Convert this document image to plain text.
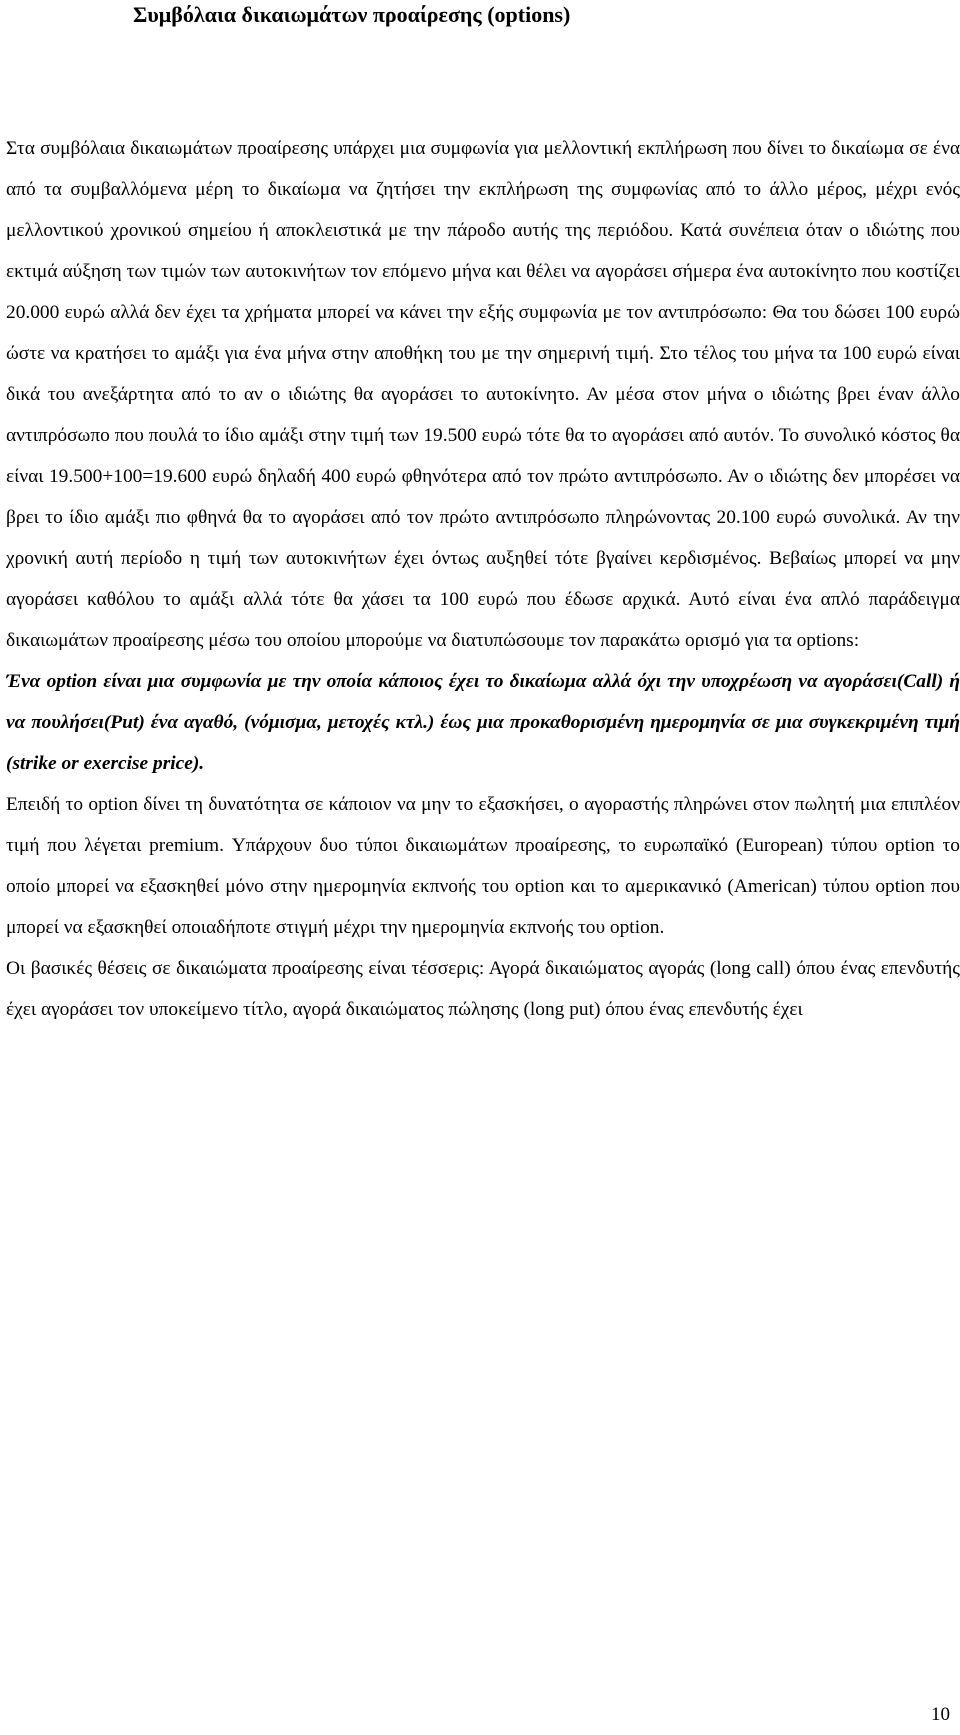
Συμβόλαια δικαιωμάτων προαίρεσης (options)

Στα συμβόλαια δικαιωμάτων προαίρεσης υπάρχει μια συμφωνία για μελλοντική εκπλήρωση που δίνει το δικαίωμα σε ένα από τα συμβαλλόμενα μέρη το δικαίωμα να ζητήσει την εκπλήρωση της συμφωνίας από το άλλο μέρος, μέχρι ενός μελλοντικού χρονικού σημείου ή αποκλειστικά με την πάροδο αυτής της περιόδου. Κατά συνέπεια όταν ο ιδιώτης που εκτιμά αύξηση των τιμών των αυτοκινήτων τον επόμενο μήνα και θέλει να αγοράσει σήμερα ένα αυτοκίνητο που κοστίζει 20.000 ευρώ αλλά δεν έχει τα χρήματα μπορεί να κάνει την εξής συμφωνία με τον αντιπρόσωπο: Θα του δώσει 100 ευρώ ώστε να κρατήσει το αμάξι για ένα μήνα στην αποθήκη του με την σημερινή τιμή. Στο τέλος του μήνα τα 100 ευρώ είναι δικά του ανεξάρτητα από το αν ο ιδιώτης θα αγοράσει το αυτοκίνητο. Αν μέσα στον μήνα ο ιδιώτης βρει έναν άλλο αντιπρόσωπο που πουλά το ίδιο αμάξι στην τιμή των 19.500 ευρώ τότε θα το αγοράσει από αυτόν. Το συνολικό κόστος θα είναι 19.500+100=19.600 ευρώ δηλαδή 400 ευρώ φθηνότερα από τον πρώτο αντιπρόσωπο. Αν ο ιδιώτης δεν μπορέσει να βρει το ίδιο αμάξι πιο φθηνά θα το αγοράσει από τον πρώτο αντιπρόσωπο πληρώνοντας 20.100 ευρώ συνολικά. Αν την χρονική αυτή περίοδο η τιμή των αυτοκινήτων έχει όντως αυξηθεί τότε βγαίνει κερδισμένος. Βεβαίως μπορεί να μην αγοράσει καθόλου το αμάξι αλλά τότε θα χάσει τα 100 ευρώ που έδωσε αρχικά. Αυτό είναι ένα απλό παράδειγμα δικαιωμάτων προαίρεσης μέσω του οποίου μπορούμε να διατυπώσουμε τον παρακάτω ορισμό για τα options:

Ένα option είναι μια συμφωνία με την οποία κάποιος έχει το δικαίωμα αλλά όχι την υποχρέωση να αγοράσει(Call) ή να πουλήσει(Put) ένα αγαθό, (νόμισμα, μετοχές κτλ.) έως μια προκαθορισμένη ημερομηνία σε μια συγκεκριμένη τιμή (strike or exercise price).

Επειδή το option δίνει τη δυνατότητα σε κάποιον να μην το εξασκήσει, ο αγοραστής πληρώνει στον πωλητή μια επιπλέον τιμή που λέγεται premium. Υπάρχουν δυο τύποι δικαιωμάτων προαίρεσης, το ευρωπαϊκό (European) τύπου option το οποίο μπορεί να εξασκηθεί μόνο στην ημερομηνία εκπνοής του option και το αμερικανικό (American) τύπου option που μπορεί να εξασκηθεί οποιαδήποτε στιγμή μέχρι την ημερομηνία εκπνοής του option.

Οι βασικές θέσεις σε δικαιώματα προαίρεσης είναι τέσσερις: Αγορά δικαιώματος αγοράς (long call) όπου ένας επενδυτής έχει αγοράσει τον υποκείμενο τίτλο, αγορά δικαιώματος πώλησης (long put) όπου ένας επενδυτής έχει

10
